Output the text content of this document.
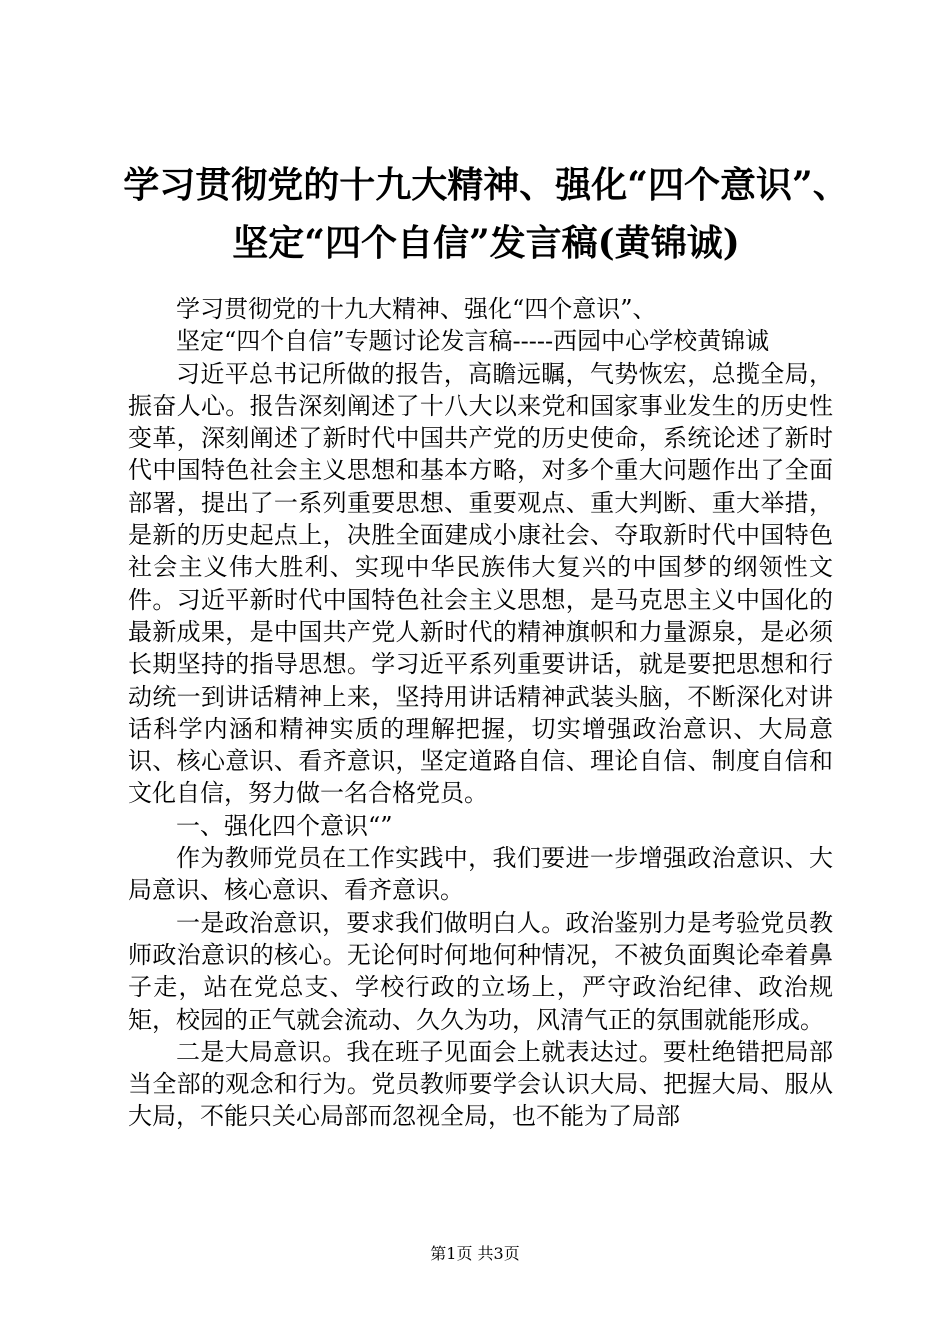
学习贯彻党的十九大精神、强化“四个意识”、
坚定“四个自信”发言稿(黄锦诚)

学习贯彻党的十九大精神、强化“四个意识”、

坚定“四个自信”专题讨论发言稿-----西园中心学校黄锦诚

习近平总书记所做的报告，高瞻远瞩，气势恢宏，总揽全局，振奋人心。报告深刻阐述了十八大以来党和国家事业发生的历史性变革，深刻阐述了新时代中国共产党的历史使命，系统论述了新时代中国特色社会主义思想和基本方略，对多个重大问题作出了全面部署，提出了一系列重要思想、重要观点、重大判断、重大举措，是新的历史起点上，决胜全面建成小康社会、夺取新时代中国特色社会主义伟大胜利、实现中华民族伟大复兴的中国梦的纲领性文件。习近平新时代中国特色社会主义思想，是马克思主义中国化的最新成果，是中国共产党人新时代的精神旗帜和力量源泉，是必须长期坚持的指导思想。学习近平系列重要讲话，就是要把思想和行动统一到讲话精神上来，坚持用讲话精神武装头脑，不断深化对讲话科学内涵和精神实质的理解把握，切实增强政治意识、大局意识、核心意识、看齐意识，坚定道路自信、理论自信、制度自信和文化自信，努力做一名合格党员。

一、强化四个意识“”

作为教师党员在工作实践中，我们要进一步增强政治意识、大局意识、核心意识、看齐意识。

一是政治意识，要求我们做明白人。政治鉴别力是考验党员教师政治意识的核心。无论何时何地何种情况，不被负面舆论牵着鼻子走，站在党总支、学校行政的立场上，严守政治纪律、政治规矩，校园的正气就会流动、久久为功，风清气正的氛围就能形成。

二是大局意识。我在班子见面会上就表达过。要杜绝错把局部当全部的观念和行为。党员教师要学会认识大局、把握大局、服从大局，不能只关心局部而忽视全局，也不能为了局部

第1页 共3页
